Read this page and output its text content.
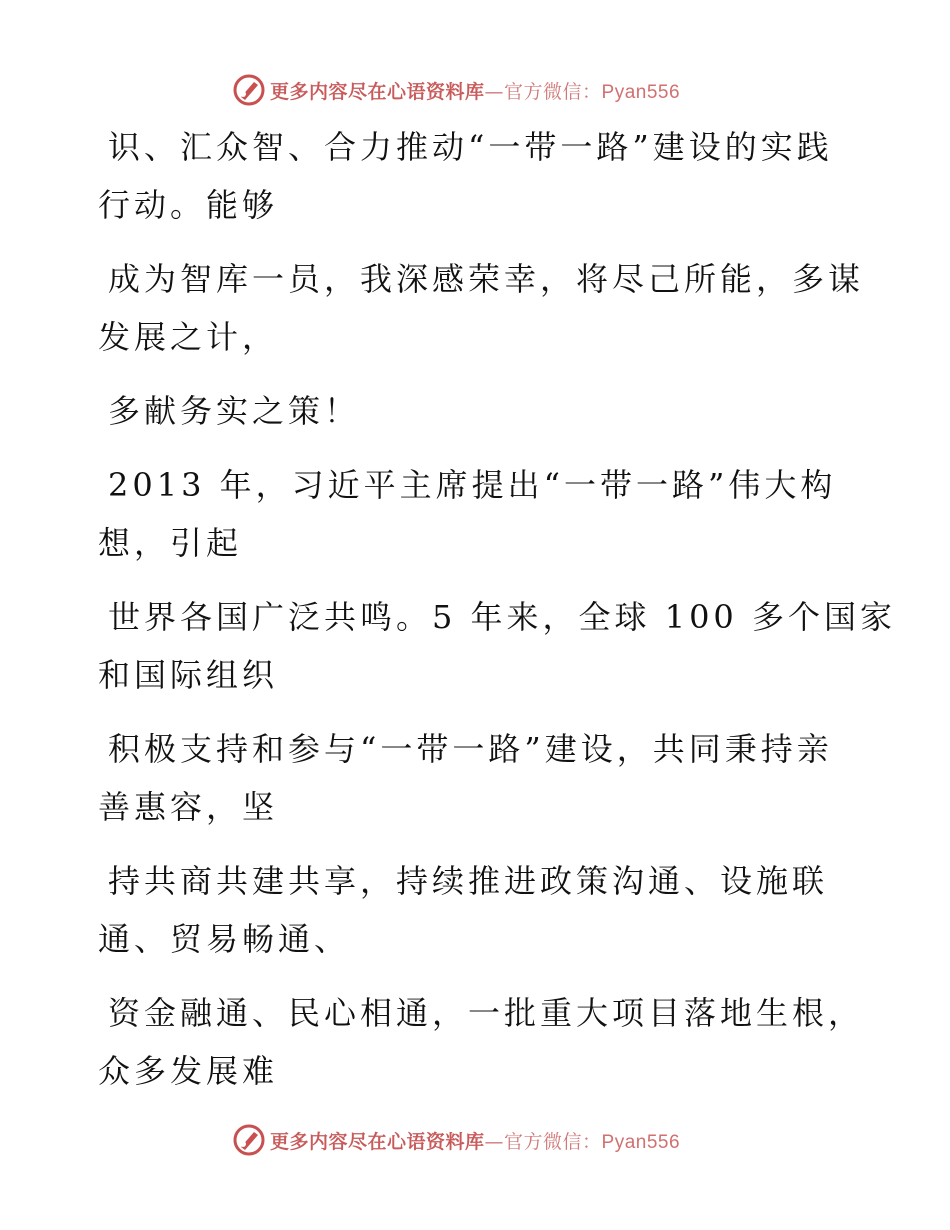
更多内容尽在心语资料库—官方微信：Pyan556

识、汇众智、合力推动“一带一路”建设的实践
行动。能够

成为智库一员，我深感荣幸，将尽己所能，多谋
发展之计，

多献务实之策！

2013 年，习近平主席提出“一带一路”伟大构
想，引起

世界各国广泛共鸣。5 年来，全球 100 多个国家
和国际组织

积极支持和参与“一带一路”建设，共同秉持亲
善惠容，坚

持共商共建共享，持续推进政策沟通、设施联
通、贸易畅通、

资金融通、民心相通，一批重大项目落地生根，
众多发展难

更多内容尽在心语资料库—官方微信：Pyan556
